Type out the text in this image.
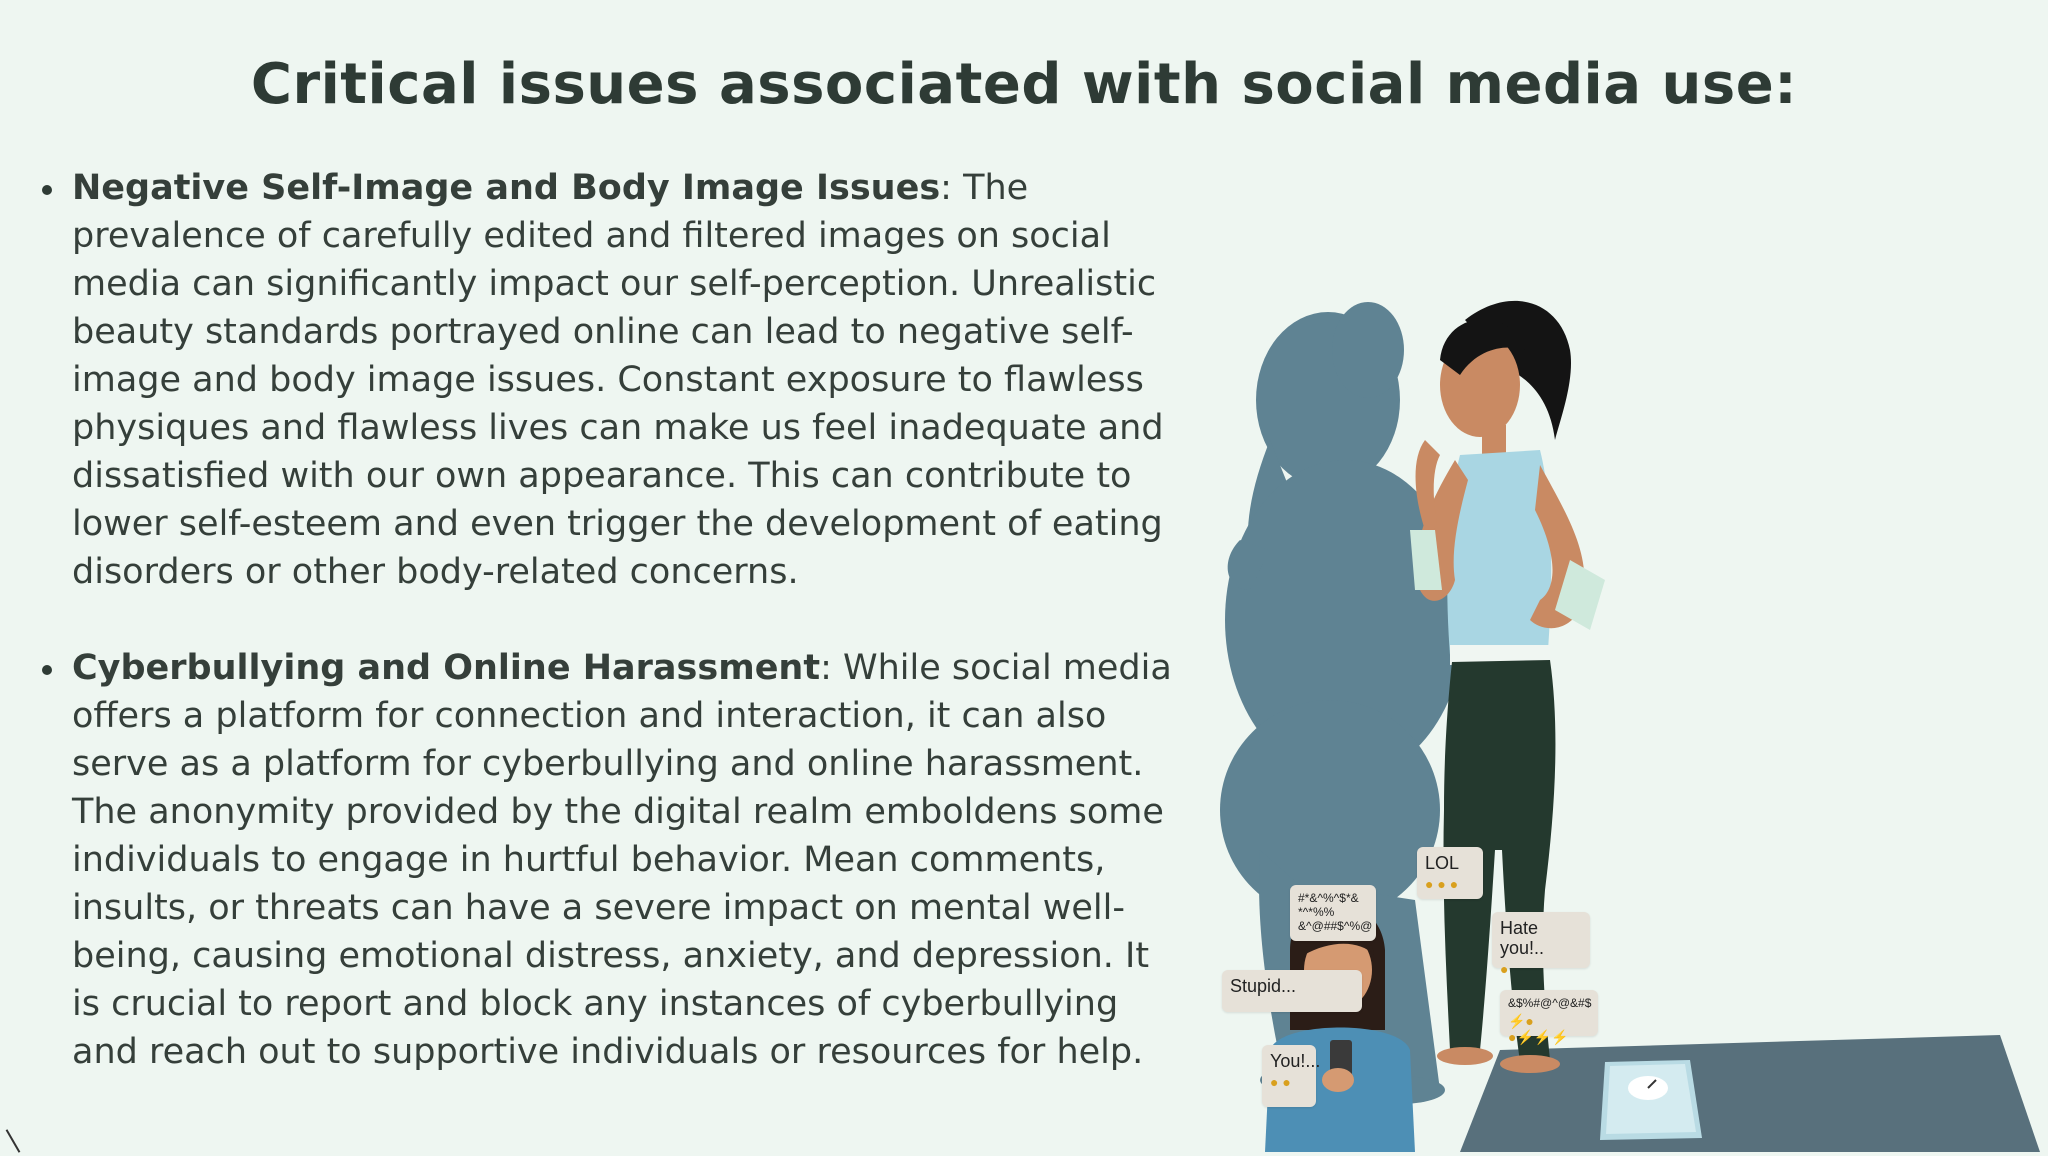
Critical issues associated with social media use:
Negative Self-Image and Body Image Issues: The prevalence of carefully edited and filtered images on social media can significantly impact our self-perception. Unrealistic beauty standards portrayed online can lead to negative self-image and body image issues. Constant exposure to flawless physiques and flawless lives can make us feel inadequate and dissatisfied with our own appearance. This can contribute to lower self-esteem and even trigger the development of eating disorders or other body-related concerns.
Cyberbullying and Online Harassment: While social media offers a platform for connection and interaction, it can also serve as a platform for cyberbullying and online harassment. The anonymity provided by the digital realm emboldens some individuals to engage in hurtful behavior. Mean comments, insults, or threats can have a severe impact on mental well-being, causing emotional distress, anxiety, and depression. It is crucial to report and block any instances of cyberbullying and reach out to supportive individuals or resources for help.
LOL
● ● ●
#*&^%^$*&
*^*%%
&^@##$^%@	Hate you!..
●
Stupid...
&$%#@^@&#$
⚡● ●⚡⚡⚡
You!...
● ●
